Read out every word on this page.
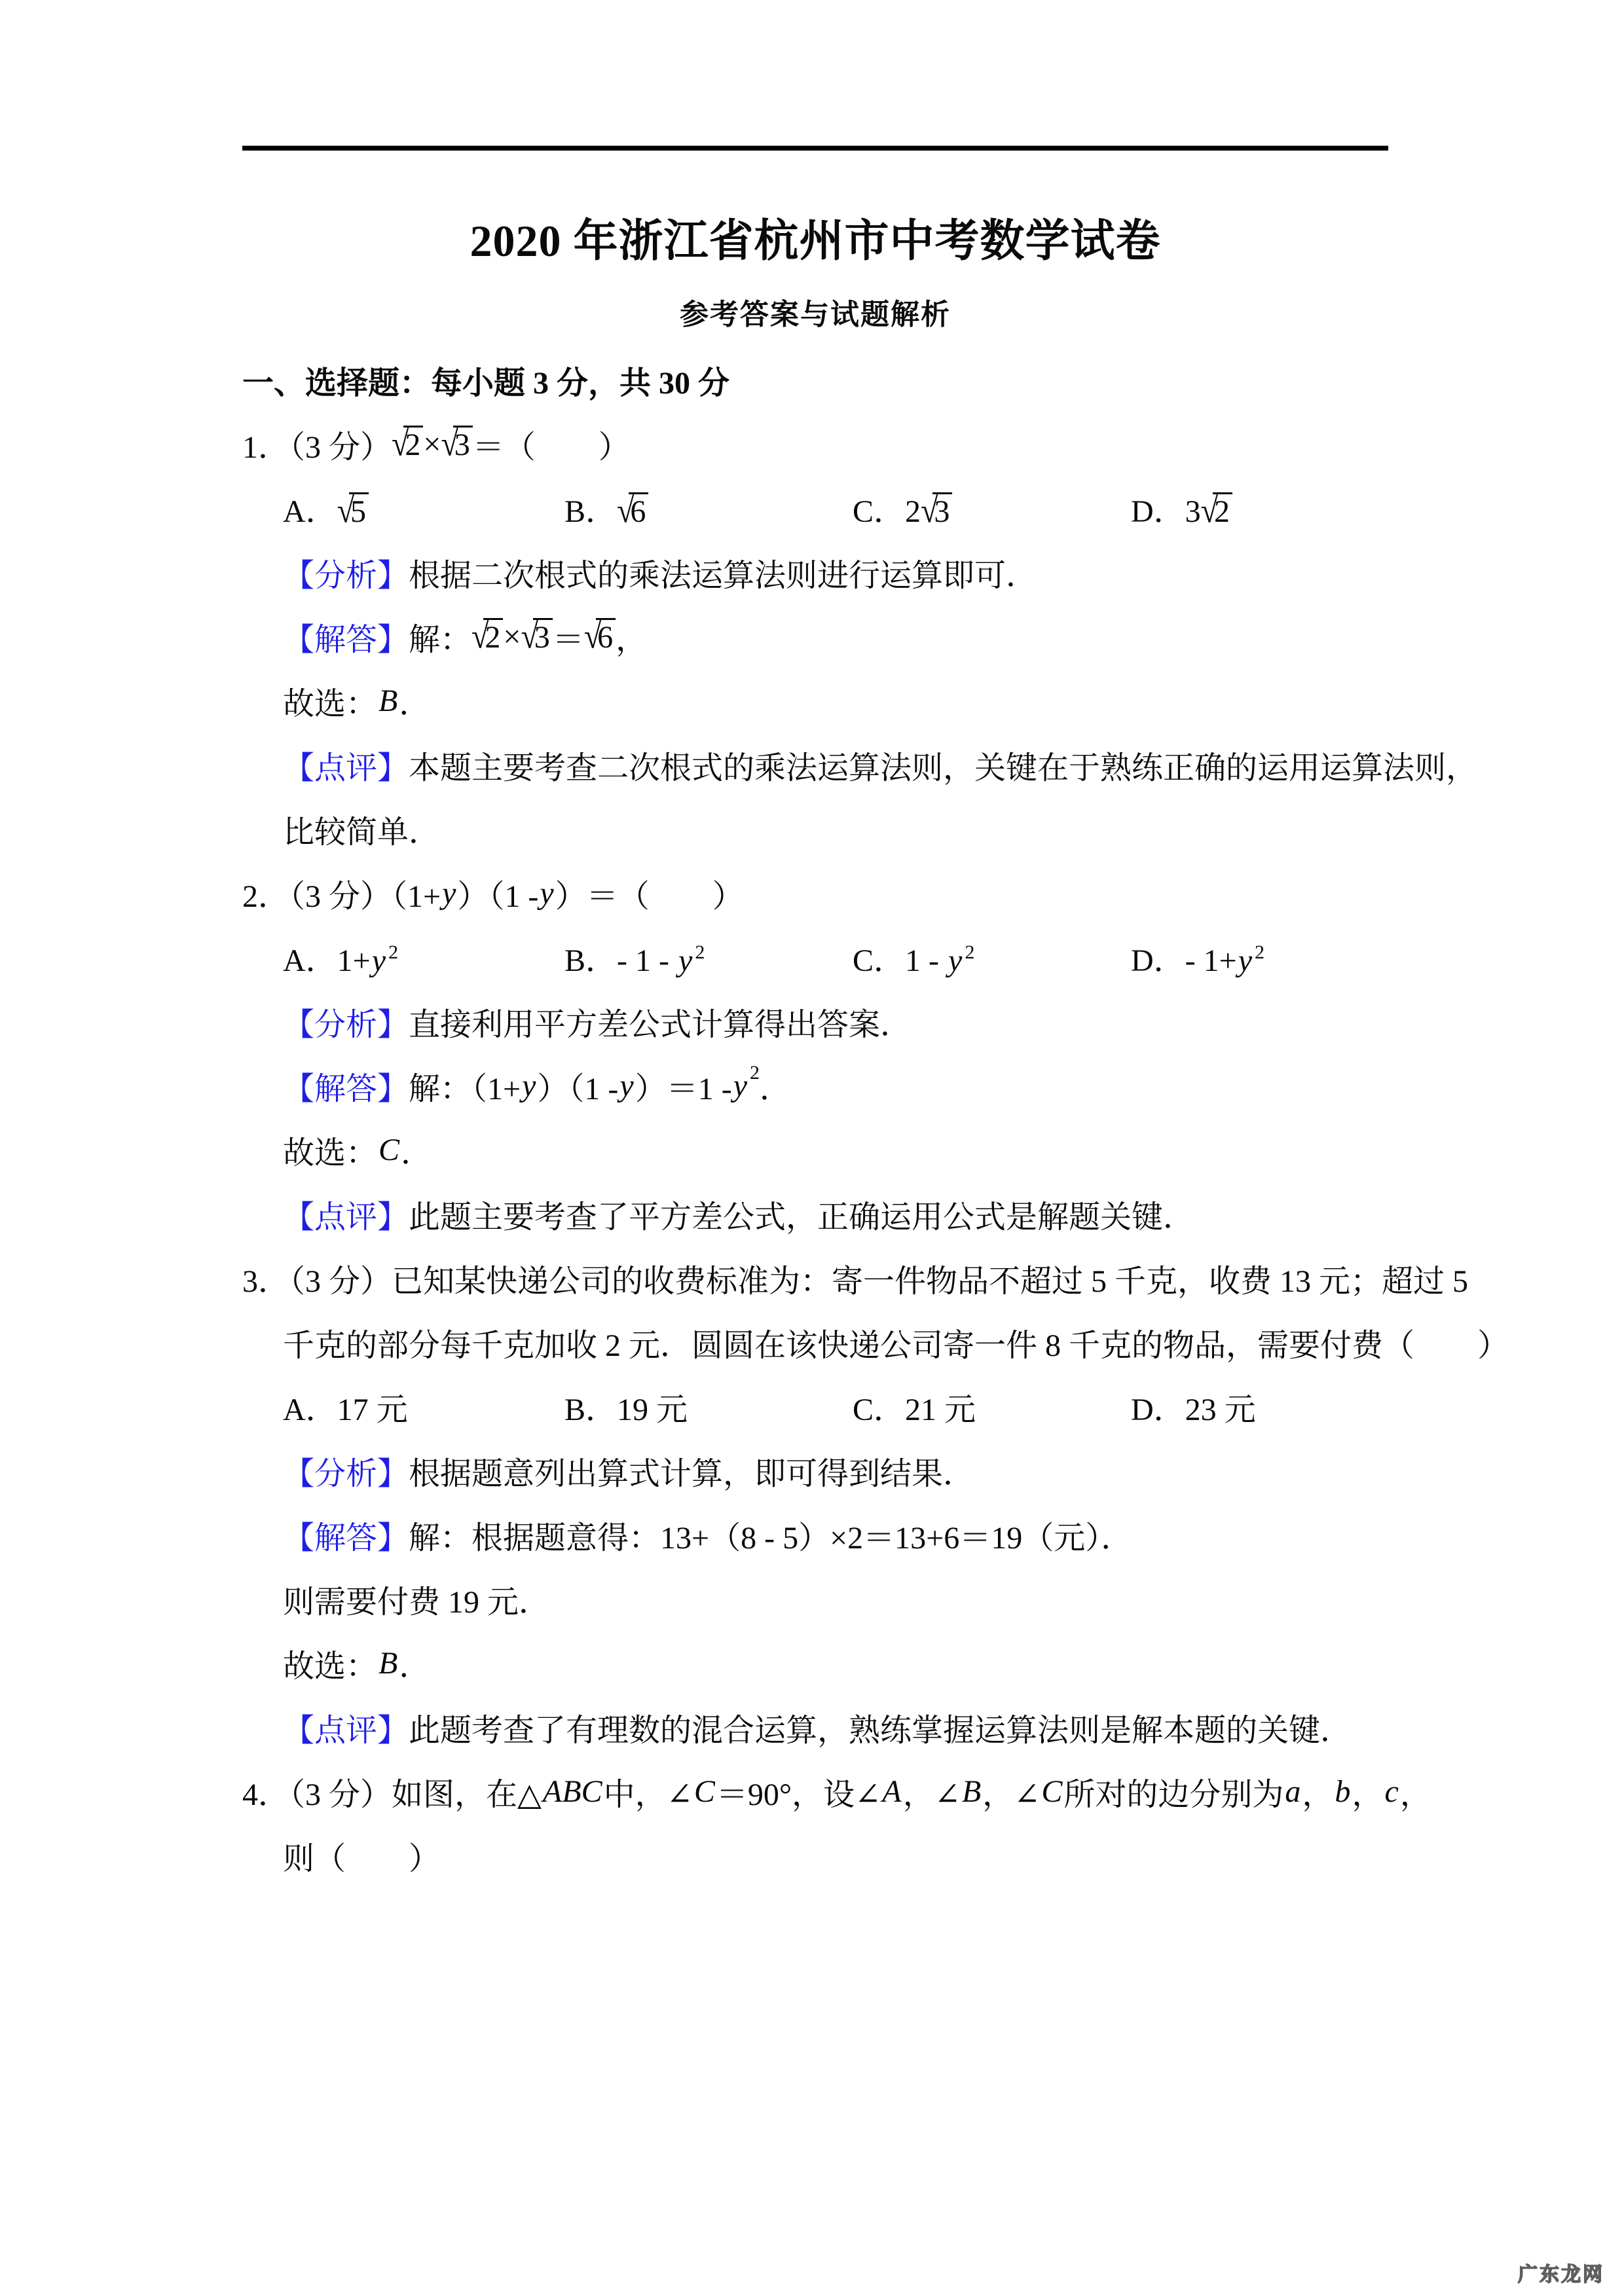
2020 年浙江省杭州市中考数学试卷
参考答案与试题解析
一、选择题：每小题 3 分，共 30 分
1．（3 分） √2 × √3 ＝（　　）
A．√5	B．√6	C．2√3	D．3√2
【分析】 根据二次根式的乘法运算法则进行运算即可．
【解答】 解： √2 × √3 ＝ √6 ，
故选： B ．
【点评】 本题主要考查二次根式的乘法运算法则，关键在于熟练正确的运用运算法则，
比较简单．
2．（3 分）（1+ y ）（1 - y ）＝（　　）
A．1+y $^2$	B．- 1 - y $^2$	C．1 - y $^2$	D．- 1+y $^2$
【分析】 直接利用平方差公式计算得出答案．
【解答】 解：（1+ y ）（1 - y ）＝1 - y 2 ．
故选： C ．
【点评】 此题主要考查了平方差公式，正确运用公式是解题关键．
3．（3 分）已知某快递公司的收费标准为：寄一件物品不超过 5 千克，收费 13 元；超过 5
千克的部分每千克加收 2 元．圆圆在该快递公司寄一件 8 千克的物品，需要付费（　　）
A．17 元	B．19 元	C．21 元	D．23 元
【分析】 根据题意列出算式计算，即可得到结果．
【解答】 解：根据题意得：13+（8 - 5）×2＝13+6＝19（元）．
则需要付费 19 元．
故选： B ．
【点评】 此题考查了有理数的混合运算，熟练掌握运算法则是解本题的关键．
4．（3 分）如图，在△ ABC 中，∠ C ＝90°，设∠ A ，∠ B ，∠ C 所对的边分别为 a ， b ， c ，
则（　　）
广东龙网
